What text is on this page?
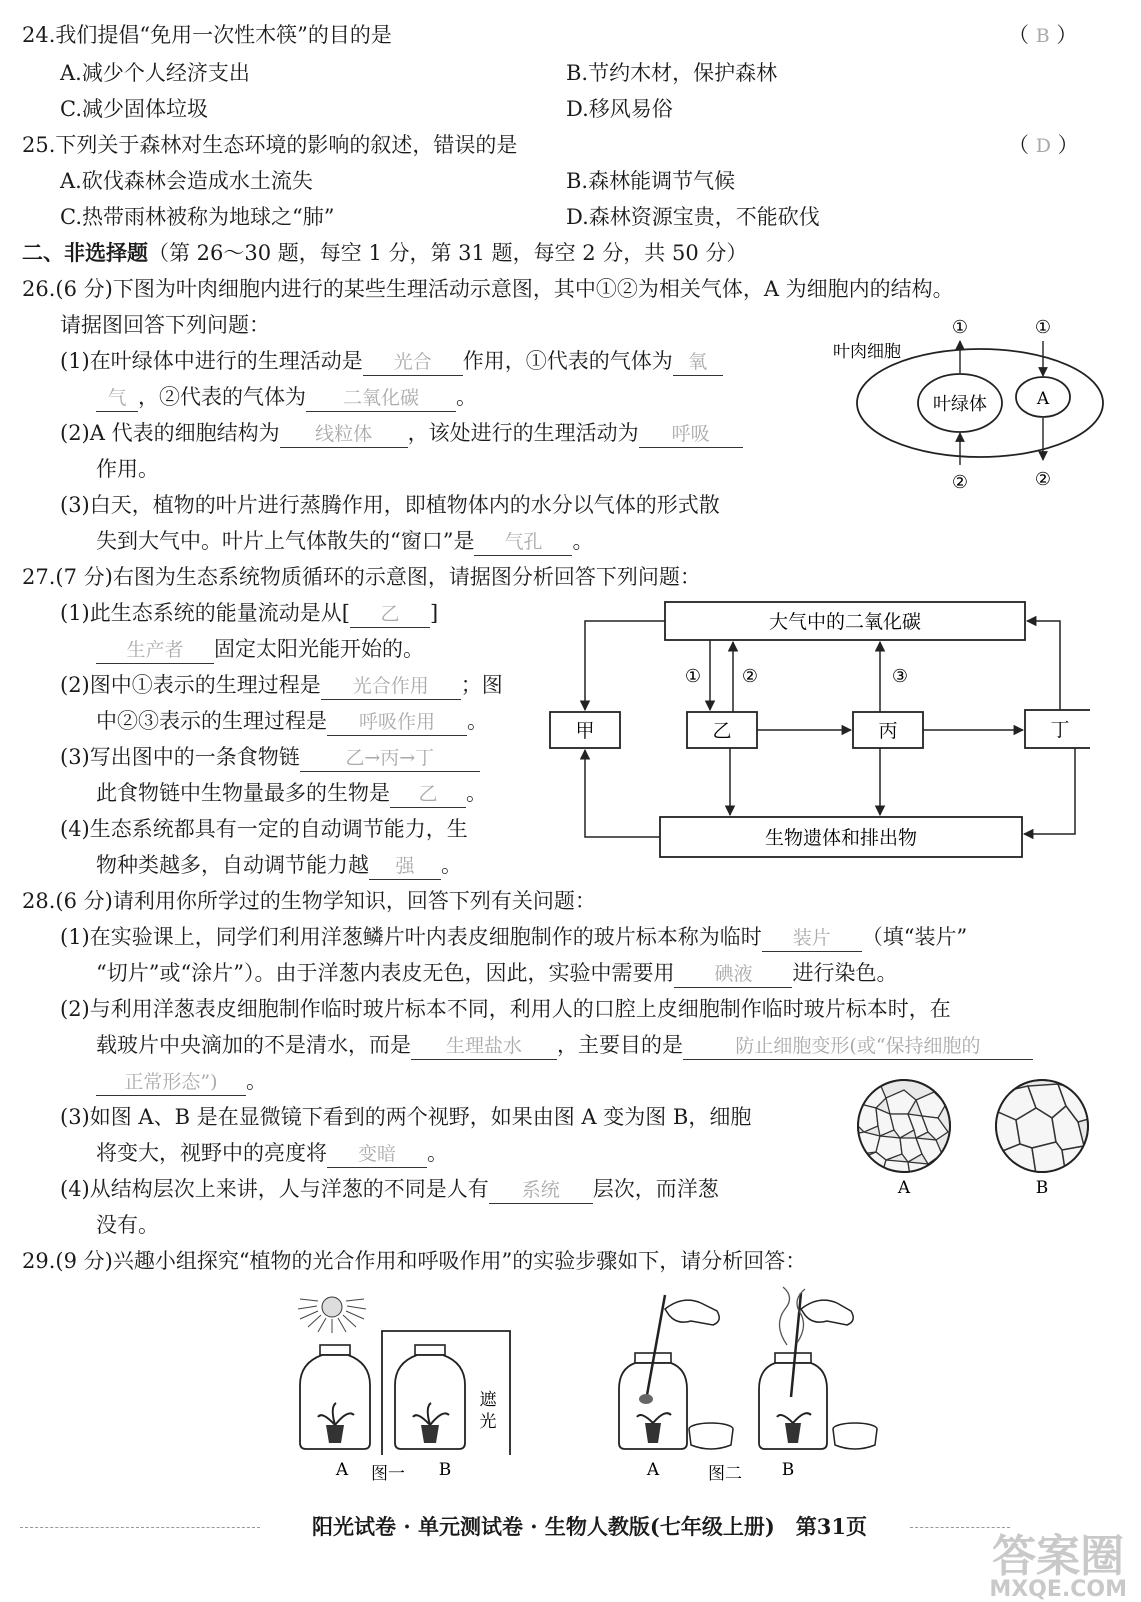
24.我们提倡“免用一次性木筷”的目的是	（ B ）
A.减少个人经济支出	B.节约木材，保护森林
C.减少固体垃圾	D.移风易俗
25.下列关于森林对生态环境的影响的叙述，错误的是	（ D ）
A.砍伐森林会造成水土流失	B.森林能调节气候
C.热带雨林被称为地球之“肺”	D.森林资源宝贵，不能砍伐
二、非选择题（第 26～30 题，每空 1 分，第 31 题，每空 2 分，共 50 分）
26.(6 分)下图为叶肉细胞内进行的某些生理活动示意图，其中①②为相关气体，A 为细胞内的结构。
请据图回答下列问题：
(1)在叶绿体中进行的生理活动是 光合 作用，①代表的气体为 氧
气 ，②代表的气体为 二氧化碳 。
(2)A 代表的细胞结构为 线粒体 ，该处进行的生理活动为 呼吸
作用。
(3)白天，植物的叶片进行蒸腾作用，即植物体内的水分以气体的形式散
失到大气中。叶片上气体散失的“窗口”是 气孔 。
叶肉细胞
叶绿体	A
①
②
①
②
27.(7 分)右图为生态系统物质循环的示意图，请据图分析回答下列问题：
(1)此生态系统的能量流动是从[ 乙 ]
生产者 固定太阳光能开始的。
(2)图中①表示的生理过程是 光合作用 ；图
中②③表示的生理过程是 呼吸作用 。
(3)写出图中的一条食物链 乙→丙→丁
此食物链中生物量最多的生物是 乙 。
(4)生态系统都具有一定的自动调节能力，生
物种类越多，自动调节能力越 强 。
大气中的二氧化碳
甲	乙	丙	丁
生物遗体和排出物
① ②	③
28.(6 分)请利用你所学过的生物学知识，回答下列有关问题：
(1)在实验课上，同学们利用洋葱鳞片叶内表皮细胞制作的玻片标本称为临时 装片 （填“装片”
“切片”或“涂片”）。由于洋葱内表皮无色，因此，实验中需要用 碘液 进行染色。
(2)与利用洋葱表皮细胞制作临时玻片标本不同，利用人的口腔上皮细胞制作临时玻片标本时，在
载玻片中央滴加的不是清水，而是 生理盐水 ，主要目的是	防止细胞变形(或“保持细胞的
正常形态”) 。
(3)如图 A、B 是在显微镜下看到的两个视野，如果由图 A 变为图 B，细胞
将变大，视野中的亮度将 变暗 。
(4)从结构层次上来讲，人与洋葱的不同是人有 系统 层次，而洋葱
没有。
A	B
29.(9 分)兴趣小组探究“植物的光合作用和呼吸作用”的实验步骤如下，请分析回答：
遮光
A 图一 B	A	图二 B
阳光试卷 · 单元测试卷 · 生物人教版(七年级上册)　第31页
答案圈
MXQE.COM
